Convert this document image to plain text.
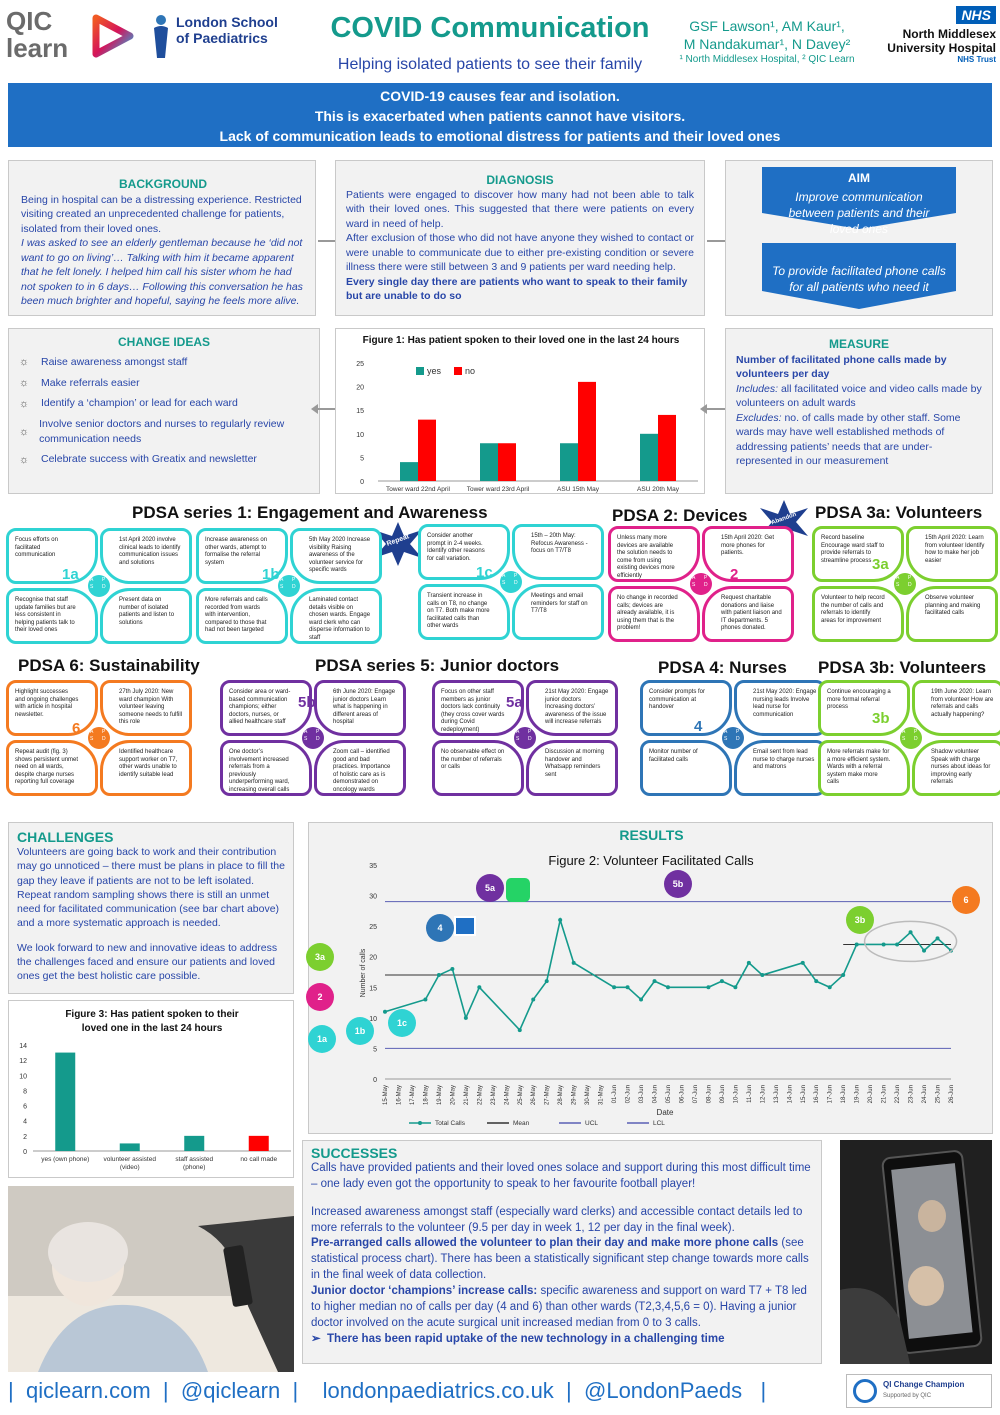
QIC learn
London School of Paediatrics	COVID Communication
Helping isolated patients to see their family
GSF Lawson¹, AM Kaur¹,
M Nandakumar¹, N Davey²
¹ North Middlesex Hospital, ² QIC Learn
NHS
North Middlesex
University Hospital
NHS Trust
COVID-19 causes fear and isolation.
This is exacerbated when patients cannot have visitors.
Lack of communication leads to emotional distress for patients and their loved ones
BACKGROUND
Being in hospital can be a distressing experience. Restricted visiting created an unprecedented challenge for patients, isolated from their loved ones.
I was asked to see an elderly gentleman because he ‘did not want to go on living’… Talking with him it became apparent that he felt lonely. I helped him call his sister whom he had not spoken to in 6 days… Following this conversation he has been much brighter and hopeful, saying he feels more alive.
DIAGNOSIS
Patients were engaged to discover how many had not been able to talk with their loved ones. This suggested that there were patients on every ward in need of help.
After exclusion of those who did not have anyone they wished to contact or were unable to communicate due to either pre-existing condition or severe illness there were still between 3 and 9 patients per ward needing help.
Every single day there are patients who want to speak to their family but are unable to do so
AIM
Improve communication between patients and their loved ones
To provide facilitated phone calls for all patients who need it
CHANGE IDEAS
☼ Raise awareness amongst staff
☼ Make referrals easier
☼ Identify a ‘champion’ or lead for each ward
☼
Involve senior doctors and nurses to regularly review communication needs
☼ Celebrate success with Greatix and newsletter
Figure 1: Has patient spoken to their loved one in the last 24 hours
0
5
10
15
20
25
Tower ward 22nd April	Tower ward 23rd April	ASU 15th May	ASU 20th May
yes	no
MEASURE
Number of facilitated phone calls made by volunteers per day
Includes: all facilitated voice and video calls made by volunteers on adult wards
Excludes: no. of calls made by other staff. Some wards may have well established methods of addressing patients’ needs that are under-represented in our measurement
PDSA series 1: Engagement and Awareness	PDSA 2: Devices	PDSA 3a: Volunteers
PDSA 6: Sustainability	PDSA series 5: Junior doctors	PDSA 4: Nurses PDSA 3b: Volunteers
Repeat
Abandon
Focus efforts on facilitated communication
1st April 2020 involve clinical leads to identify communication issues and solutions
Recognise that staff update families but are less consistent in helping patients talk to their loved ones
Present data on number of isolated patients and listen to solutions
A P
S D
1a
Increase awareness on other wards, attempt to formalise the referral system
5th May 2020 Increase visibility Raising awareness of the volunteer service for specific wards
More referrals and calls recorded from wards with intervention, compared to those that had not been targeted
Laminated contact details visible on chosen wards. Engage ward clerk who can disperse information to staff
A P
S D
1b
Consider another prompt in 2-4 weeks. Identify other reasons for call variation.
15th – 20th May: Refocus Awareness - focus on T7/T8
Transient increase in calls on T8, no change on T7. Both make more facilitated calls than other wards
Meetings and email reminders for staff on T7/T8
A P
S D
1c
Unless many more devices are available the solution needs to come from using existing devices more efficiently
15th April 2020: Get more phones for patients.
No change in recorded calls; devices are already available, it is using them that is the problem!
Request charitable donations and liaise with patient liaison and IT departments. 5 phones donated.
A P
S D
2
Record baseline Encourage ward staff to provide referrals to streamline process
15th April 2020: Learn from volunteer Identify how to make her job easier
Volunteer to help record the number of calls and referrals to identify areas for improvement
Observe volunteer planning and making facilitated calls
A P
S D
3a
Highlight successes and ongoing challenges with article in hospital newsletter.
27th July 2020: New ward champion With volunteer leaving someone needs to fulfill this role
Repeat audit (fig. 3) shows persistent unmet need on all wards, despite charge nurses reporting full coverage
Identified healthcare support worker on T7, other wards unable to identify suitable lead
A P
S D
6
Consider area or ward-based communication champions; either doctors, nurses, or allied healthcare staff
6th June 2020: Engage junior doctors Learn what is happening in different areas of hospital
One doctor’s involvement increased referrals from a previously underperforming ward, increasing overall calls
Zoom call – identified good and bad practices. Importance of holistic care as is demonstrated on oncology wards
A P
S D
5b
Focus on other staff members as junior doctors lack continuity (they cross cover wards during Covid redeployment)
21st May 2020: Engage junior doctors Increasing doctors’ awareness of the issue will increase referrals
No observable effect on the number of referrals or calls
Discussion at morning handover and Whatsapp reminders sent
A P
S D
5a
Consider prompts for communication at handover
21st May 2020: Engage nursing leads Involve lead nurse for communication
Monitor number of facilitated calls
Email sent from lead nurse to charge nurses and matrons
A P
S D
4
Continue encouraging a more formal referral process
19th June 2020: Learn from volunteer How are referrals and calls actually happening?
More referrals make for a more efficient system. Wards with a referral system make more calls
Shadow volunteer Speak with charge nurses about ideas for improving early referrals
A P
S D
3b
CHALLENGES
Volunteers are going back to work and their contribution may go unnoticed – there must be plans in place to fill the gap they leave if patients are not to be left isolated. Repeat random sampling shows there is still an unmet need for facilitated communication (see bar chart above) and a more systematic approach is needed.
We look forward to new and innovative ideas to address the challenges faced and ensure our patients and loved ones get the best holistic care possible.
Figure 3: Has patient spoken to their
loved one in the last 24 hours
0
2
4
6
8
10
12
14
yes (own phone) volunteer assisted
(video)
staff assisted
(phone)
no call made
RESULTS
Figure 2: Volunteer Facilitated Calls
0
5
10
15
20
25
30
35
15-May 16-May 17-May 18-May 19-May 20-May 21-May 22-May 23-May 24-May 25-May 26-May 27-May 28-May 29-May 30-May 31-May 01-Jun 02-Jun 03-Jun 04-Jun 05-Jun 06-Jun 07-Jun 08-Jun 09-Jun 10-Jun 11-Jun 12-Jun 13-Jun 14-Jun 15-Jun 16-Jun 17-Jun 18-Jun 19-Jun 20-Jun 21-Jun 22-Jun 23-Jun 24-Jun 25-Jun 26-Jun
Number of calls
Date
Total Calls	Mean	UCL	LCL
1a
1b
1c
2
3a
4
5a	5b
3b
6
SUCCESSES
Calls have provided patients and their loved ones solace and support during this most difficult time – one lady even got the opportunity to speak to her favourite football player!
Increased awareness amongst staff (especially ward clerks) and accessible contact details led to more referrals to the volunteer (9.5 per day in week 1, 12 per day in the final week).
Pre-arranged calls allowed the volunteer to plan their day and make more phone calls (see statistical process chart). There has been a statistically significant step change towards more calls in the final week of data collection.
Junior doctor ‘champions’ increase calls: specific awareness and support on ward T7 + T8 led to higher median no of calls per day (4 and 6) than other wards (T2,3,4,5,6 = 0). Having a junior doctor involved on the acute surgical unit increased median from 0 to 3 calls.
➢  There has been rapid uptake of the new technology in a challenging time
| qiclearn.com | @qiclearn | londonpaediatrics.co.uk | @LondonPaeds |	QI Change Champion
Supported by QIC
